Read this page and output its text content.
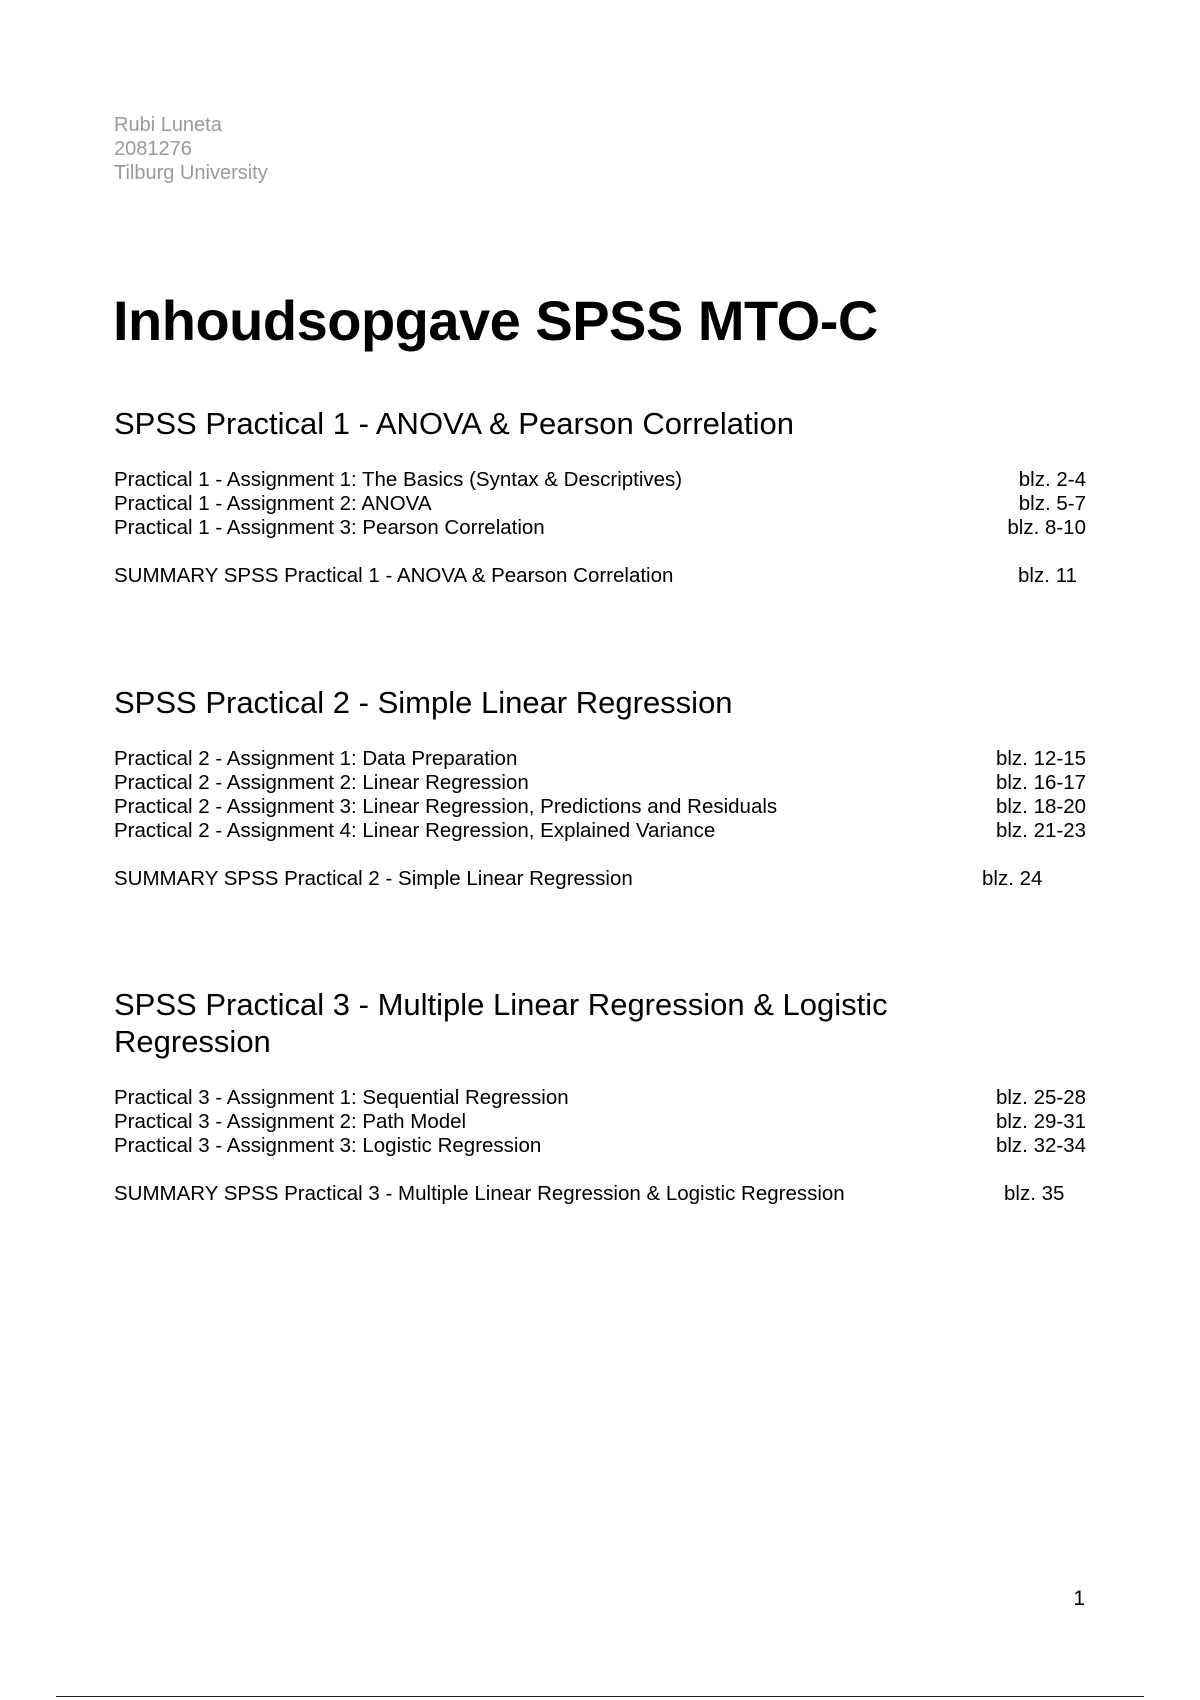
Rubi Luneta
2081276
Tilburg University
Inhoudsopgave SPSS MTO-C
SPSS Practical 1 - ANOVA & Pearson Correlation
Practical 1 - Assignment 1: The Basics (Syntax & Descriptives)	blz. 2-4
Practical 1 - Assignment 2: ANOVA	blz. 5-7
Practical 1 - Assignment 3: Pearson Correlation	blz. 8-10
SUMMARY SPSS Practical 1 - ANOVA & Pearson Correlation	blz. 11
SPSS Practical 2 - Simple Linear Regression
Practical 2 - Assignment 1: Data Preparation	blz. 12-15
Practical 2 - Assignment 2: Linear Regression	blz. 16-17
Practical 2 - Assignment 3: Linear Regression, Predictions and Residuals	blz. 18-20
Practical 2 - Assignment 4: Linear Regression, Explained Variance	blz. 21-23
SUMMARY SPSS Practical 2 - Simple Linear Regression	blz. 24
SPSS Practical 3 - Multiple Linear Regression & Logistic
Regression
Practical 3 - Assignment 1: Sequential Regression	blz. 25-28
Practical 3 - Assignment 2: Path Model	blz. 29-31
Practical 3 - Assignment 3: Logistic Regression	blz. 32-34
SUMMARY SPSS Practical 3 - Multiple Linear Regression & Logistic Regression	blz. 35
1
